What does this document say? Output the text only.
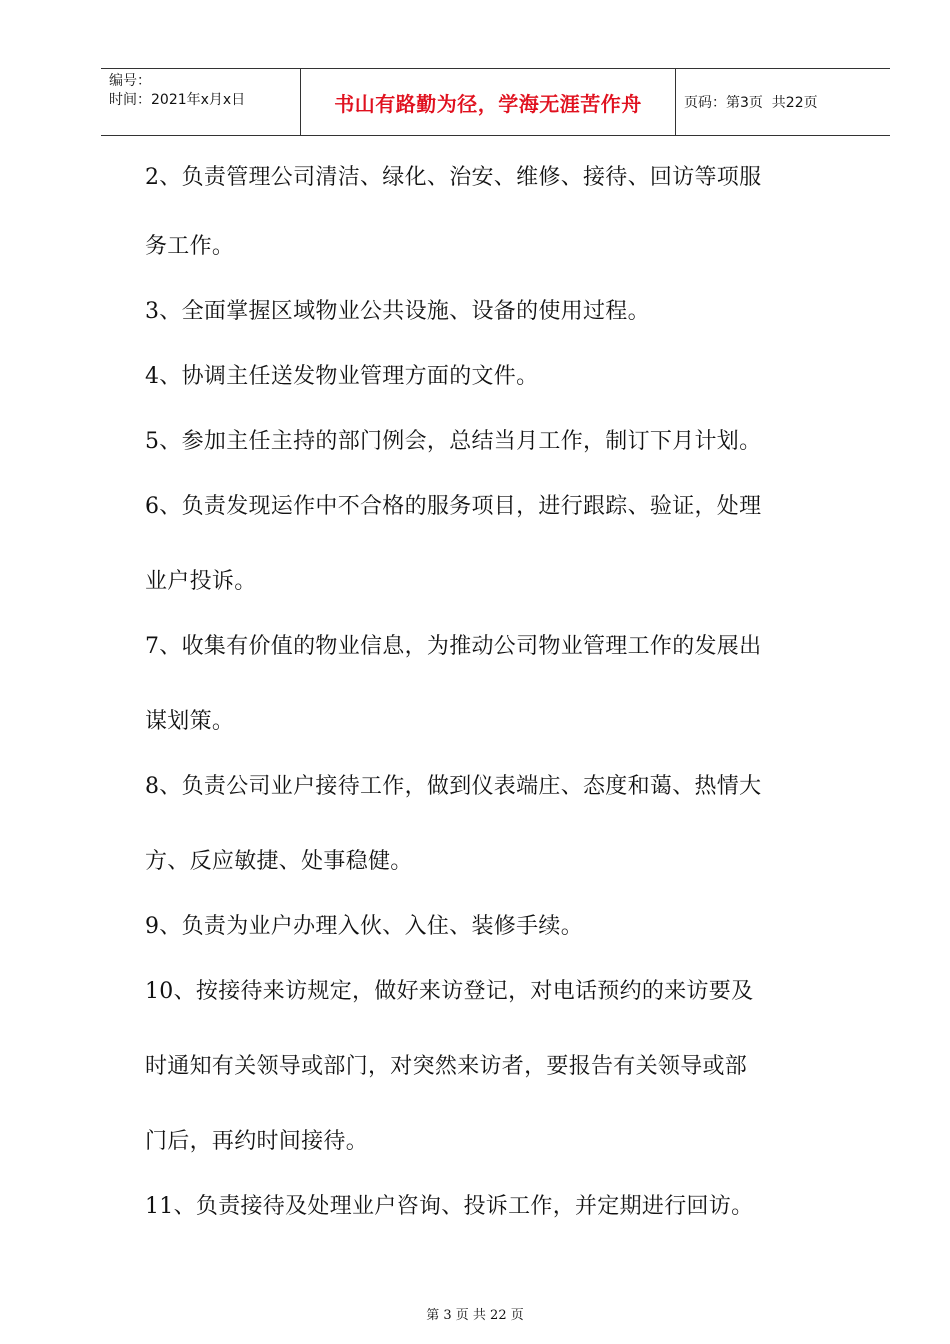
编号：
时间：2021年x月x日	书山有路勤为径，学海无涯苦作舟	页码：第3页  共22页
2、负责管理公司清洁、绿化、治安、维修、接待、回访等项服
务工作。
3、全面掌握区域物业公共设施、设备的使用过程。
4、协调主任送发物业管理方面的文件。
5、参加主任主持的部门例会，总结当月工作，制订下月计划。
6、负责发现运作中不合格的服务项目，进行跟踪、验证，处理
业户投诉。
7、收集有价值的物业信息，为推动公司物业管理工作的发展出
谋划策。
8、负责公司业户接待工作，做到仪表端庄、态度和蔼、热情大
方、反应敏捷、处事稳健。
9、负责为业户办理入伙、入住、装修手续。
10、按接待来访规定，做好来访登记，对电话预约的来访要及
时通知有关领导或部门，对突然来访者，要报告有关领导或部
门后，再约时间接待。
11、负责接待及处理业户咨询、投诉工作，并定期进行回访。
第 3 页 共 22 页
